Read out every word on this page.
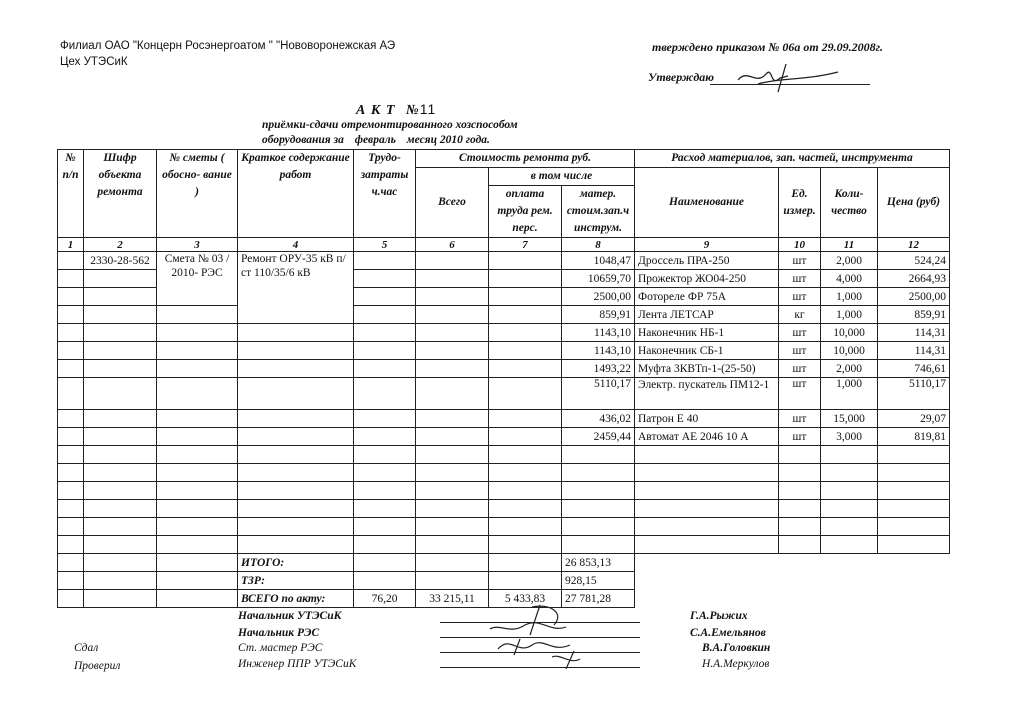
Филиал ОАО "Концерн Росэнергоатом " "Нововоронежская АЭ
Цех УТЭСиК
тверждено приказом № 06а от 29.09.2008г.
Утверждаю
А К Т №11
приёмки-сдачи отремонтированного хозспособом
оборудования за февраль месяц 2010 года.
№ п/п	Шифр объекта ремонта	№ сметы ( обосно- вание )	Краткое содержание работ	Трудо- затраты ч.час	Стоимость ремонта руб.			Расход материалов, зап. частей, инструмента			
					Всего	в том числе		Наименование	Ед. измер.	Коли- чество	Цена (руб)
						оплата труда рем. перс.	матер. стоим.зап.ч инструм.				
1	2	3	4	5	6	7	8	9	10	11	12
	2330-28-562	Смета № 03 / 2010- РЭС	Ремонт ОРУ-35 кВ п/ст 110/35/6 кВ				1048,47	Дроссель ПРА-250	шт	2,000	524,24
							10659,70	Прожектор ЖО04-250	шт	4,000	2664,93
							2500,00	Фотореле ФР 75А	шт	1,000	2500,00
							859,91	Лента ЛЕТСАР	кг	1,000	859,91
							1143,10	Наконечник НБ-1	шт	10,000	114,31
							1143,10	Наконечник СБ-1	шт	10,000	114,31
							1493,22	Муфта 3КВТп-1-(25-50)	шт	2,000	746,61
							5110,17	Электр. пускатель ПМ12-1	шт	1,000	5110,17
							436,02	Патрон Е 40	шт	15,000	29,07
							2459,44	Автомат АЕ 2046 10 А	шт	3,000	819,81

			ИТОГО:				26 853,13				
			ТЗР:				928,15				
			ВСЕГО по акту:	76,20	33 215,11	5 433,83	27 781,28				
Начальник УТЭСиК
Начальник РЭС
Ст. мастер РЭС
Инженер ППР УТЭСиК
Сдал
Проверил
Г.А.Рыжих
С.А.Емельянов
В.А.Головкин
Н.А.Меркулов
